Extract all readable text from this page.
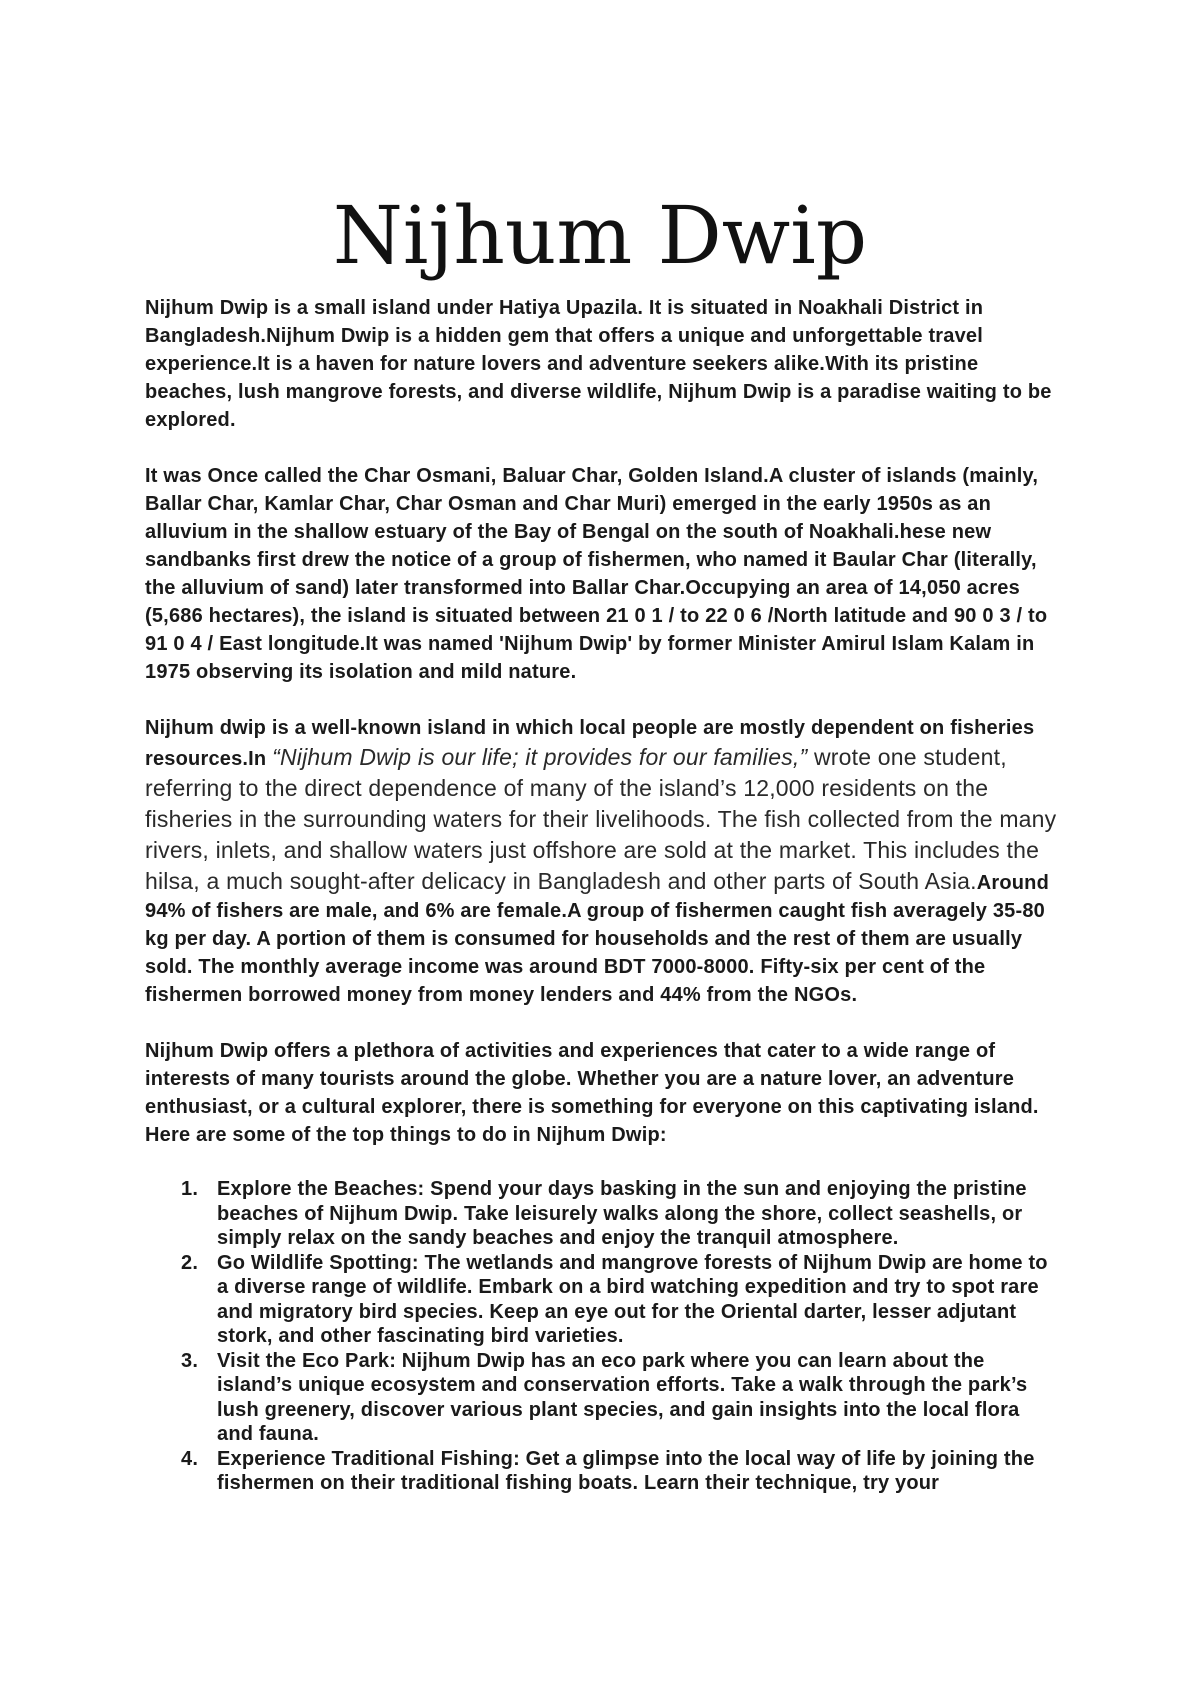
Nijhum Dwip

Nijhum Dwip is a small island under Hatiya Upazila. It is situated in Noakhali District in Bangladesh.Nijhum Dwip is a hidden gem that offers a unique and unforgettable travel experience.It is a haven for nature lovers and adventure seekers alike.With its pristine beaches, lush mangrove forests, and diverse wildlife, Nijhum Dwip is a paradise waiting to be explored.

It was Once called the Char Osmani, Baluar Char, Golden Island.A cluster of islands (mainly, Ballar Char, Kamlar Char, Char Osman and Char Muri) emerged in the early 1950s as an alluvium in the shallow estuary of the Bay of Bengal on the south of Noakhali.hese new sandbanks first drew the notice of a group of fishermen, who named it Baular Char (literally, the alluvium of sand) later transformed into Ballar Char.Occupying an area of 14,050 acres (5,686 hectares), the island is situated between 21 0 1 / to 22 0 6 /North latitude and 90 0 3 / to 91 0 4 / East longitude.It was named 'Nijhum Dwip' by former Minister Amirul Islam Kalam in 1975 observing its isolation and mild nature.

Nijhum dwip is a well-known island in which local people are mostly dependent on fisheries resources.In “Nijhum Dwip is our life; it provides for our families,” wrote one student, referring to the direct dependence of many of the island’s 12,000 residents on the fisheries in the surrounding waters for their livelihoods. The fish collected from the many rivers, inlets, and shallow waters just offshore are sold at the market. This includes the hilsa, a much sought-after delicacy in Bangladesh and other parts of South Asia.Around 94% of fishers are male, and 6% are female.A group of fishermen caught fish averagely 35-80 kg per day. A portion of them is consumed for households and the rest of them are usually sold. The monthly average income was around BDT 7000-8000. Fifty-six per cent of the fishermen borrowed money from money lenders and 44% from the NGOs.

Nijhum Dwip offers a plethora of activities and experiences that cater to a wide range of interests of many tourists around the globe. Whether you are a nature lover, an adventure enthusiast, or a cultural explorer, there is something for everyone on this captivating island. Here are some of the top things to do in Nijhum Dwip:

1. Explore the Beaches: Spend your days basking in the sun and enjoying the pristine beaches of Nijhum Dwip. Take leisurely walks along the shore, collect seashells, or simply relax on the sandy beaches and enjoy the tranquil atmosphere.
2. Go Wildlife Spotting: The wetlands and mangrove forests of Nijhum Dwip are home to a diverse range of wildlife. Embark on a bird watching expedition and try to spot rare and migratory bird species. Keep an eye out for the Oriental darter, lesser adjutant stork, and other fascinating bird varieties.
3. Visit the Eco Park: Nijhum Dwip has an eco park where you can learn about the island’s unique ecosystem and conservation efforts. Take a walk through the park’s lush greenery, discover various plant species, and gain insights into the local flora and fauna.
4. Experience Traditional Fishing: Get a glimpse into the local way of life by joining the fishermen on their traditional fishing boats. Learn their technique, try your
